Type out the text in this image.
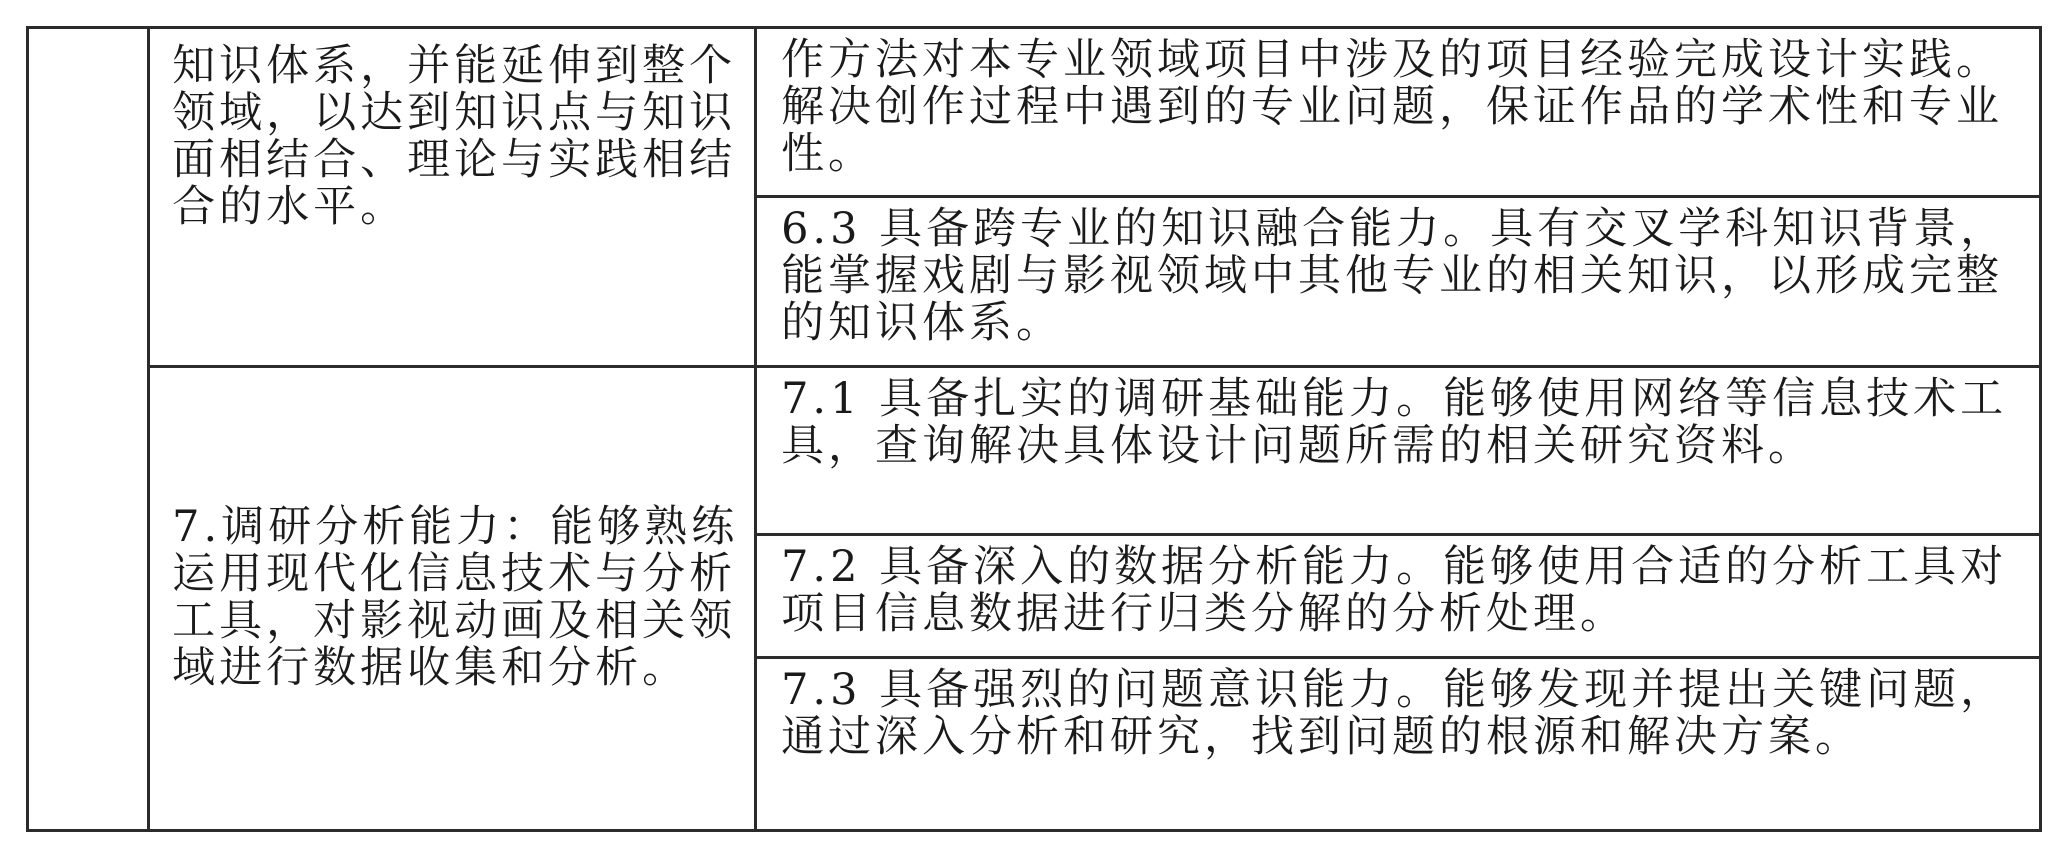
	知识体系，并能延伸到整个领域，以达到知识点与知识面相结合、理论与实践相结合的水平。	作方法对本专业领域项目中涉及的项目经验完成设计实践。解决创作过程中遇到的专业问题，保证作品的学术性和专业性。

		6.3 具备跨专业的知识融合能力。具有交叉学科知识背景，能掌握戏剧与影视领域中其他专业的相关知识，以形成完整的知识体系。

	7.调研分析能力：能够熟练运用现代化信息技术与分析工具，对影视动画及相关领域进行数据收集和分析。	7.1 具备扎实的调研基础能力。能够使用网络等信息技术工具，查询解决具体设计问题所需的相关研究资料。

		7.2 具备深入的数据分析能力。能够使用合适的分析工具对项目信息数据进行归类分解的分析处理。

		7.3 具备强烈的问题意识能力。能够发现并提出关键问题，通过深入分析和研究，找到问题的根源和解决方案。
